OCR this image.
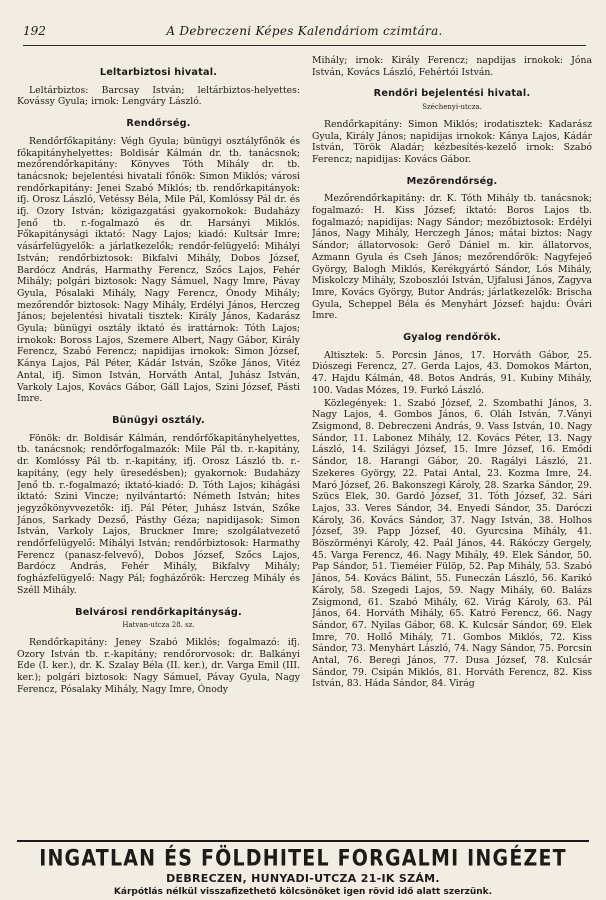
192	A Debreczeni Képes Kalendáriom czimtára.
Leltarbiztosi hivatal.

Leltárbiztos: Barcsay István; leltárbiztos-helyettes: Kovássy Gyula; irnok: Lengváry László.

Rendőrség.

Rendőrfőkapitány: Végh Gyula; bünügyi osztályfőnök és főkapitányhelyettes: Boldisár Kálmán dr. tb. tanácsnok; mezőrendőrkapitány: Könyves Tóth Mihály dr. tb. tanácsnok; bejelentési hivatali főnök: Simon Miklós; városi rendőrkapitány: Jenei Szabó Miklós; tb. rendőrkapitányok: ifj. Orosz László, Vetéssy Béla, Mile Pál, Komlóssy Pál dr. és ifj. Ozory István; közigazgatási gyakornokok: Budaházy Jenő tb. r.-fogalmazó és dr. Harsányi Miklós. Főkapitánysági iktató: Nagy Lajos; kiadó: Kultsár Imre; vásárfelügyelők: a járlatkezelők; rendőr-felügyelő: Mihályi István; rendőrbiztosok: Bikfalvi Mihály, Dobos József, Bardócz András, Harmathy Ferencz, Szőcs Lajos, Fehér Mihály; polgári biztosok: Nagy Sámuel, Nagy Imre, Pávay Gyula, Pósalaki Mihály, Nagy Ferencz, Ónody Mihály; mezőrendőr biztosok: Nagy Mihály, Erdélyi János, Herczeg János; bejelentési hivatali tisztek: Király János, Kadarász Gyula; bünügyi osztály iktató és irattárnok: Tóth Lajos; irnokok: Boross Lajos, Szemere Albert, Nagy Gábor, Király Ferencz, Szabó Ferencz; napidijas irnokok: Simon József, Kánya Lajos, Pál Péter, Kádár István, Szőke János, Vitéz Antal, ifj. Simon István, Horváth Antal, Juhász István, Varkoly Lajos, Kovács Gábor, Gáll Lajos, Szini József, Pásti Imre.

Bünügyi osztály.

Fönök: dr. Boldisár Kálmán, rendőrfőkapitányhelyettes, tb. tanácsnok; rendőrfogalmazók: Mile Pál tb. r.-kapitány, dr. Komlóssy Pál tb. r.-kapitány, ifj. Orosz László tb. r.-kapitány, (egy hely üresedésben); gyakornok: Budaházy Jenő tb. r.-fogalmazó; iktató-kiadó: D. Tóth Lajos; kihágási iktató: Szini Vincze; nyilvántartó: Németh István; hites jegyzőkönyvvezetők: ifj. Pál Péter, Juhász István, Szőke János, Sarkady Dezső, Pásthy Géza; napidijasok: Simon István, Varkoly Lajos, Bruckner Imre; szolgálatvezető rendőrfelügyelő: Mihályi István; rendőrbiztosok: Harmathy Ferencz (panasz-felvevő), Dobos József, Szőcs Lajos, Bardócz András, Fehér Mihály, Bikfalvy Mihály; fogházfelügyelő: Nagy Pál; fogházőrök: Herczeg Mihály és Széll Mihály.

Belvárosi rendőrkapitányság.
Hatvan-utcza 28. sz.

Rendőrkapitány: Jeney Szabó Miklós; fogalmazó: ifj. Ozory István tb. r.-kapitány; rendőrorvosok: dr. Balkányi Ede (I. ker.), dr. K. Szalay Béla (II. ker.), dr. Varga Emil (III. ker.); polgári biztosok: Nagy Sámuel, Pávay Gyula, Nagy Ferencz, Pósalaky Mihály, Nagy Imre, Ónody

Mihály; irnok: Király Ferencz; napdijas irnokok: Jóna István, Kovács László, Fehértói István.

Rendőri bejelentési hivatal.
Széchenyi-utcza.

Rendőrkapitány: Simon Miklós; irodatisztek: Kadarász Gyula, Király János; napidijas irnokok: Kánya Lajos, Kádár István, Török Aladár; kézbesítés-kezelő irnok: Szabó Ferencz; napidijas: Kovács Gábor.

Mezőrendőrség.

Mezőrendőrkapitány: dr. K. Tóth Mihály tb. tanácsnok; fogalmazó: H. Kiss József; iktató: Boros Lajos tb. fogalmazó; napidijas: Nagy Sándor; mezőbiztosok: Erdélyi János, Nagy Mihály, Herczegh János; mátai biztos: Nagy Sándor; állatorvosok: Gerő Dániel m. kir. állatorvos, Azmann Gyula és Cseh János; mezőrendőrök: Nagyfejeő György, Balogh Miklós, Kerékgyártó Sándor, Lós Mihály, Miskolczy Mihály, Szoboszlói István, Ujfalusi János, Zagyva Imre, Kovács György, Butor András; járlatkezelők: Brischa Gyula, Scheppel Béla és Menyhárt József: hajdu: Óvári Imre.

Gyalog rendőrök.

Altisztek: 5. Porcsin János, 17. Horváth Gábor, 25. Diószegi Ferencz, 27. Gerda Lajos, 43. Domokos Márton, 47. Hajdu Kálmán, 48. Botos András, 91. Kubiny Mihály, 100. Vadas Mózes, 19. Furkó László.

Közlegények: 1. Szabó József, 2. Szombathi János, 3. Nagy Lajos, 4. Gombos János, 6. Oláh István, 7.Ványi Zsigmond, 8. Debreczeni András, 9. Vass István, 10. Nagy Sándor, 11. Labonez Mihály, 12. Kovács Péter, 13. Nagy László, 14. Szilágyi József, 15. Imre József, 16. Emődi Sándor, 18. Harangi Gábor, 20. Ragályi László, 21. Szekeres György, 22. Patai Antal, 23. Kozma Imre, 24. Maró József, 26. Bakonszegi Károly, 28. Szarka Sándor, 29. Szücs Elek, 30. Gardó József, 31. Tóth József, 32. Sári Lajos, 33. Veres Sándor, 34. Enyedi Sándor, 35. Daróczi Károly, 36. Kovács Sándor, 37. Nagy István, 38. Holhos József, 39. Papp József, 40. Gyurcsina Mihály, 41. Böszörményi Károly, 42. Paál János, 44. Rákóczy Gergely, 45. Varga Ferencz, 46. Nagy Mihály, 49. Elek Sándor, 50. Pap Sándor, 51. Tieméier Fülöp, 52. Pap Mihály, 53. Szabó János, 54. Kovács Bálint, 55. Funeczán László, 56. Karikó Károly, 58. Szegedi Lajos, 59. Nagy Mihály, 60. Balázs Zsigmond, 61. Szabó Mihály, 62. Virág Károly, 63. Pál János, 64. Horváth Mihály, 65. Katró Ferencz, 66. Nagy Sándor, 67. Nyilas Gábor, 68. K. Kulcsár Sándor, 69. Elek Imre, 70. Hollő Mihály, 71. Gombos Miklós, 72. Kiss Sándor, 73. Menyhárt László, 74. Nagy Sándor, 75. Porcsin Antal, 76. Beregi János, 77. Dusa József, 78. Kulcsár Sándor, 79. Csipán Miklós, 81. Horváth Ferencz, 82. Kiss István, 83. Háda Sándor, 84. Virág

INGATLAN ÉS FÖLDHITEL FORGALMI INGÉZET
DEBRECZEN, HUNYADI-UTCZA 21-IK SZÁM.
Kárpótlás nélkül visszafizethető kölcsönöket igen rövid idő alatt szerzünk.
